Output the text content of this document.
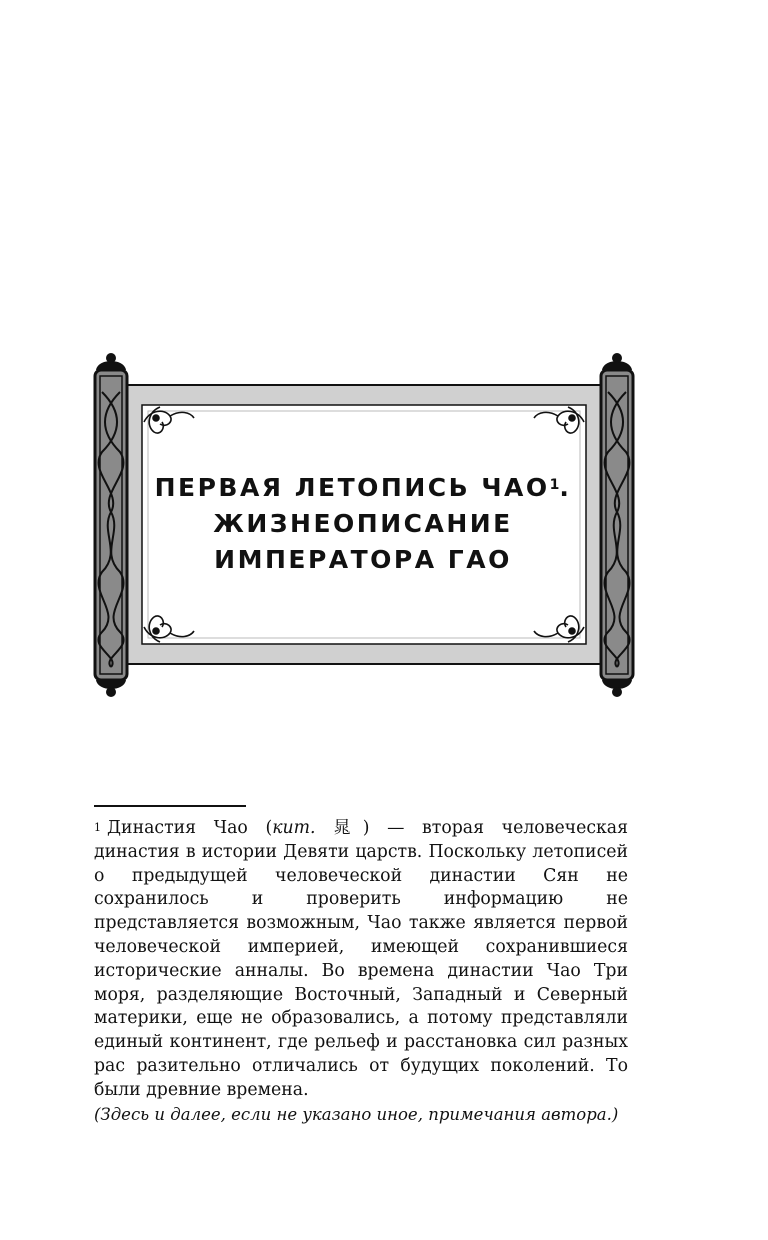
ПЕРВАЯ ЛЕТОПИСЬ ЧАО$^1$.
ЖИЗНЕОПИСАНИЕ
ИМПЕРАТОРА ГАО
$^1$ Династия Чао (кит. 晁) — вторая человеческая династия в истории Девяти царств. Поскольку летописей о предыдущей человеческой династии Сян не сохранилось и проверить информацию не представляется возможным, Чао также является первой человеческой империей, имеющей сохранившиеся исторические анналы. Во времена династии Чао Три моря, разделяющие Восточный, Западный и Северный материки, еще не образовались, а потому представляли единый континент, где рельеф и расстановка сил разных рас разительно отличались от будущих поколений. То были древние времена.
(Здесь и далее, если не указано иное, примечания автора.)
